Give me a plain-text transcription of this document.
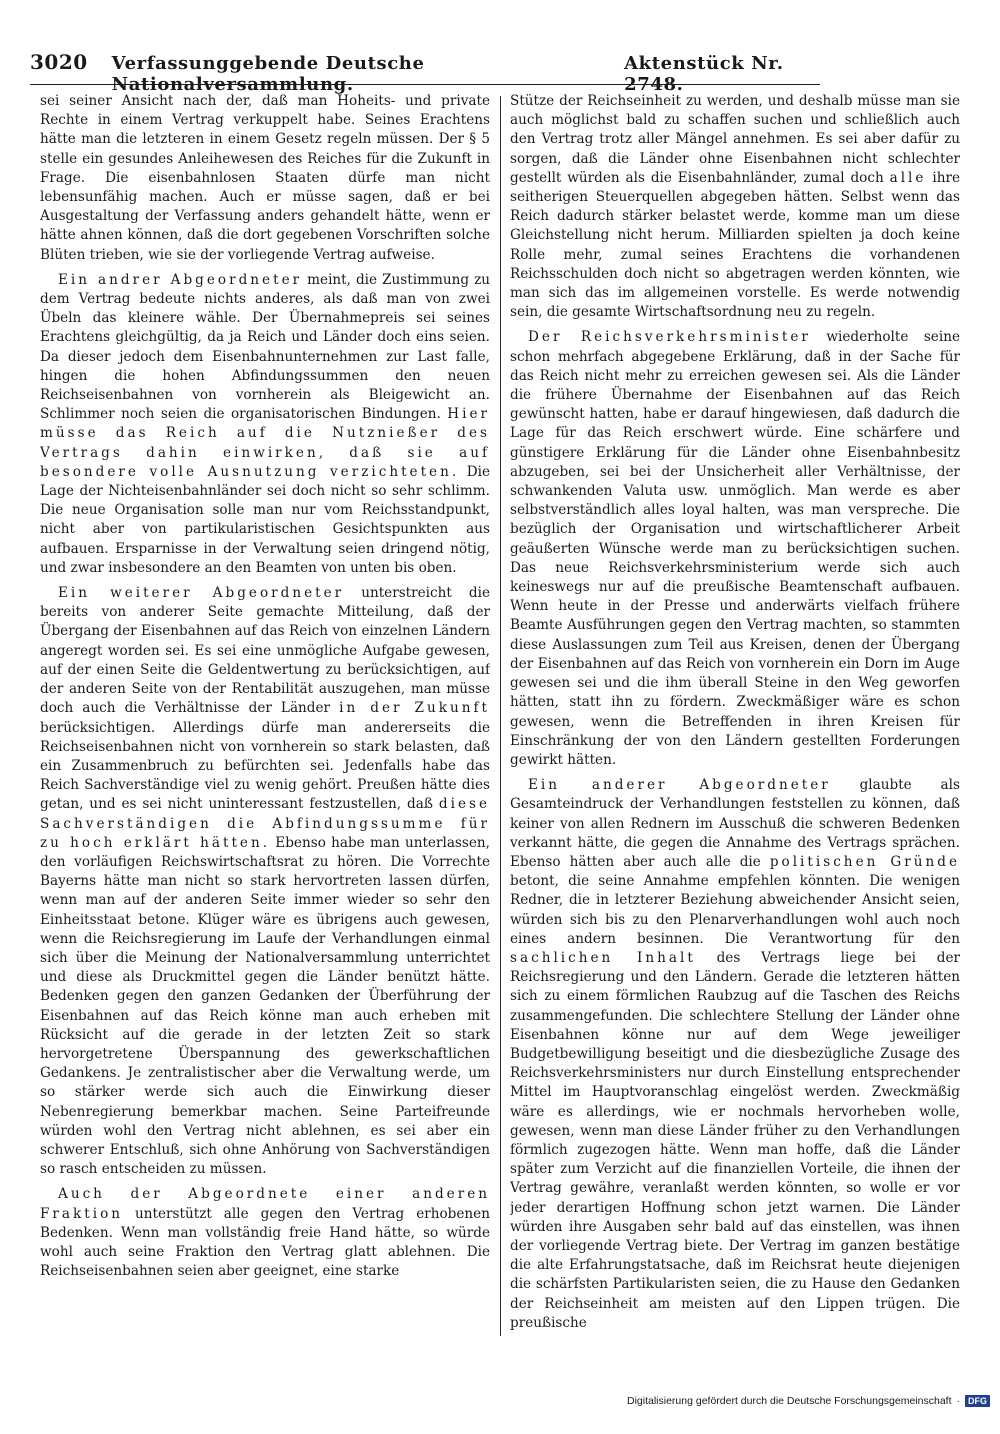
3020 Verfassunggebende Deutsche Nationalversammlung.
Aktenstück Nr. 2748.

sei seiner Ansicht nach der, daß man Hoheits- und private Rechte in einem Vertrag verkuppelt habe. Seines Erachtens hätte man die letzteren in einem Gesetz regeln müssen. Der § 5 stelle ein gesundes Anleihewesen des Reiches für die Zukunft in Frage. Die eisenbahnlosen Staaten dürfe man nicht lebensunfähig machen. Auch er müsse sagen, daß er bei Ausgestaltung der Verfassung anders gehandelt hätte, wenn er hätte ahnen können, daß die dort gegebenen Vorschriften solche Blüten trieben, wie sie der vorliegende Vertrag aufweise.

Ein andrer Abgeordneter meint, die Zustimmung zu dem Vertrag bedeute nichts anderes, als daß man von zwei Übeln das kleinere wähle. Der Übernahmepreis sei seines Erachtens gleichgültig, da ja Reich und Länder doch eins seien. Da dieser jedoch dem Eisenbahnunternehmen zur Last falle, hingen die hohen Abfindungssummen den neuen Reichseisenbahnen von vornherein als Bleigewicht an. Schlimmer noch seien die organisatorischen Bindungen. Hier müsse das Reich auf die Nutznießer des Vertrags dahin einwirken, daß sie auf besondere volle Ausnutzung verzichteten. Die Lage der Nichteisenbahnländer sei doch nicht so sehr schlimm. Die neue Organisation solle man nur vom Reichsstandpunkt, nicht aber von partikularistischen Gesichtspunkten aus aufbauen. Ersparnisse in der Verwaltung seien dringend nötig, und zwar insbesondere an den Beamten von unten bis oben.

Ein weiterer Abgeordneter unterstreicht die bereits von anderer Seite gemachte Mitteilung, daß der Übergang der Eisenbahnen auf das Reich von einzelnen Ländern angeregt worden sei. Es sei eine unmögliche Aufgabe gewesen, auf der einen Seite die Geldentwertung zu berücksichtigen, auf der anderen Seite von der Rentabilität auszugehen, man müsse doch auch die Verhältnisse der Länder in der Zukunft berücksichtigen. Allerdings dürfe man andererseits die Reichseisenbahnen nicht von vornherein so stark belasten, daß ein Zusammenbruch zu befürchten sei. Jedenfalls habe das Reich Sachverständige viel zu wenig gehört. Preußen hätte dies getan, und es sei nicht uninteressant festzustellen, daß diese Sachverständigen die Abfindungssumme für zu hoch erklärt hätten. Ebenso habe man unterlassen, den vorläufigen Reichswirtschaftsrat zu hören. Die Vorrechte Bayerns hätte man nicht so stark hervortreten lassen dürfen, wenn man auf der anderen Seite immer wieder so sehr den Einheitsstaat betone. Klüger wäre es übrigens auch gewesen, wenn die Reichsregierung im Laufe der Verhandlungen einmal sich über die Meinung der Nationalversammlung unterrichtet und diese als Druckmittel gegen die Länder benützt hätte. Bedenken gegen den ganzen Gedanken der Überführung der Eisenbahnen auf das Reich könne man auch erheben mit Rücksicht auf die gerade in der letzten Zeit so stark hervorgetretene Überspannung des gewerkschaftlichen Gedankens. Je zentralistischer aber die Verwaltung werde, um so stärker werde sich auch die Einwirkung dieser Nebenregierung bemerkbar machen. Seine Parteifreunde würden wohl den Vertrag nicht ablehnen, es sei aber ein schwerer Entschluß, sich ohne Anhörung von Sachverständigen so rasch entscheiden zu müssen.

Auch der Abgeordnete einer anderen Fraktion unterstützt alle gegen den Vertrag erhobenen Bedenken. Wenn man vollständig freie Hand hätte, so würde wohl auch seine Fraktion den Vertrag glatt ablehnen. Die Reichseisenbahnen seien aber geeignet, eine starke

Stütze der Reichseinheit zu werden, und deshalb müsse man sie auch möglichst bald zu schaffen suchen und schließlich auch den Vertrag trotz aller Mängel annehmen. Es sei aber dafür zu sorgen, daß die Länder ohne Eisenbahnen nicht schlechter gestellt würden als die Eisenbahnländer, zumal doch alle ihre seitherigen Steuerquellen abgegeben hätten. Selbst wenn das Reich dadurch stärker belastet werde, komme man um diese Gleichstellung nicht herum. Milliarden spielten ja doch keine Rolle mehr, zumal seines Erachtens die vorhandenen Reichsschulden doch nicht so abgetragen werden könnten, wie man sich das im allgemeinen vorstelle. Es werde notwendig sein, die gesamte Wirtschaftsordnung neu zu regeln.

Der Reichsverkehrsminister wiederholte seine schon mehrfach abgegebene Erklärung, daß in der Sache für das Reich nicht mehr zu erreichen gewesen sei. Als die Länder die frühere Übernahme der Eisenbahnen auf das Reich gewünscht hatten, habe er darauf hingewiesen, daß dadurch die Lage für das Reich erschwert würde. Eine schärfere und günstigere Erklärung für die Länder ohne Eisenbahnbesitz abzugeben, sei bei der Unsicherheit aller Verhältnisse, der schwankenden Valuta usw. unmöglich. Man werde es aber selbstverständlich alles loyal halten, was man verspreche. Die bezüglich der Organisation und wirtschaftlicherer Arbeit geäußerten Wünsche werde man zu berücksichtigen suchen. Das neue Reichsverkehrsministerium werde sich auch keineswegs nur auf die preußische Beamtenschaft aufbauen. Wenn heute in der Presse und anderwärts vielfach frühere Beamte Ausführungen gegen den Vertrag machten, so stammten diese Auslassungen zum Teil aus Kreisen, denen der Übergang der Eisenbahnen auf das Reich von vornherein ein Dorn im Auge gewesen sei und die ihm überall Steine in den Weg geworfen hätten, statt ihn zu fördern. Zweckmäßiger wäre es schon gewesen, wenn die Betreffenden in ihren Kreisen für Einschränkung der von den Ländern gestellten Forderungen gewirkt hätten.

Ein anderer Abgeordneter glaubte als Gesamteindruck der Verhandlungen feststellen zu können, daß keiner von allen Rednern im Ausschuß die schweren Bedenken verkannt hätte, die gegen die Annahme des Vertrags sprächen. Ebenso hätten aber auch alle die politischen Gründe betont, die seine Annahme empfehlen könnten. Die wenigen Redner, die in letzterer Beziehung abweichender Ansicht seien, würden sich bis zu den Plenarverhandlungen wohl auch noch eines andern besinnen. Die Verantwortung für den sachlichen Inhalt des Vertrags liege bei der Reichsregierung und den Ländern. Gerade die letzteren hätten sich zu einem förmlichen Raubzug auf die Taschen des Reichs zusammengefunden. Die schlechtere Stellung der Länder ohne Eisenbahnen könne nur auf dem Wege jeweiliger Budgetbewilligung beseitigt und die diesbezügliche Zusage des Reichsverkehrsministers nur durch Einstellung entsprechender Mittel im Hauptvoranschlag eingelöst werden. Zweckmäßig wäre es allerdings, wie er nochmals hervorheben wolle, gewesen, wenn man diese Länder früher zu den Verhandlungen förmlich zugezogen hätte. Wenn man hoffe, daß die Länder später zum Verzicht auf die finanziellen Vorteile, die ihnen der Vertrag gewähre, veranlaßt werden könnten, so wolle er vor jeder derartigen Hoffnung schon jetzt warnen. Die Länder würden ihre Ausgaben sehr bald auf das einstellen, was ihnen der vorliegende Vertrag biete. Der Vertrag im ganzen bestätige die alte Erfahrungstatsache, daß im Reichsrat heute diejenigen die schärfsten Partikularisten seien, die zu Hause den Gedanken der Reichseinheit am meisten auf den Lippen trügen. Die preußische

Digitalisierung gefördert durch die Deutsche Forschungsgemeinschaft · DFG
